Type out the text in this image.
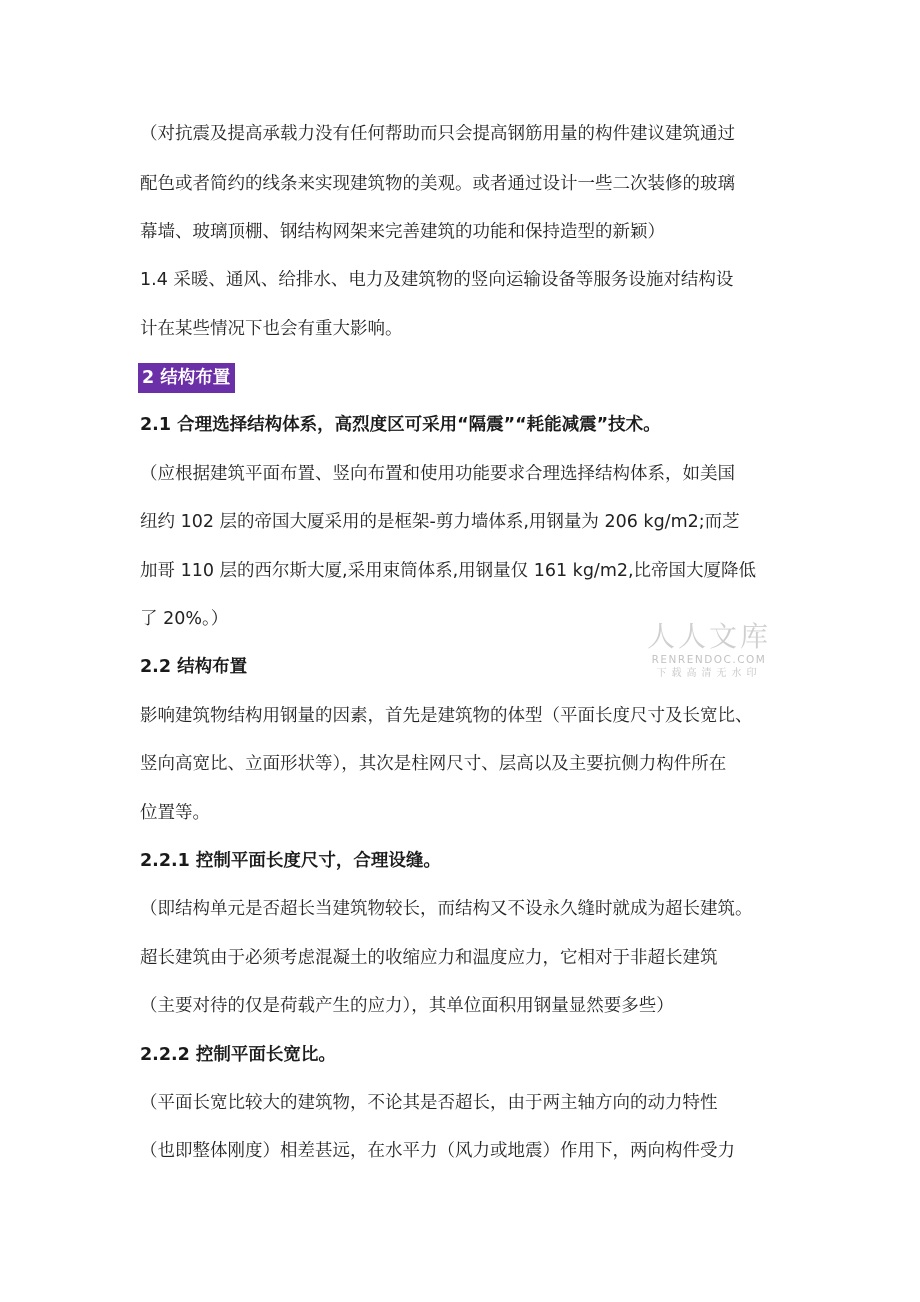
（对抗震及提高承载力没有任何帮助而只会提高钢筋用量的构件建议建筑通过
配色或者简约的线条来实现建筑物的美观。或者通过设计一些二次装修的玻璃
幕墙、玻璃顶棚、钢结构网架来完善建筑的功能和保持造型的新颖）
1.4 采暖、通风、给排水、电力及建筑物的竖向运输设备等服务设施对结构设
计在某些情况下也会有重大影响。
2 结构布置
2.1 合理选择结构体系，高烈度区可采用“隔震”“耗能减震”技术。
（应根据建筑平面布置、竖向布置和使用功能要求合理选择结构体系，如美国
纽约 102 层的帝国大厦采用的是框架-剪力墙体系,用钢量为 206 kg/m2;而芝
加哥 110 层的西尔斯大厦,采用束筒体系,用钢量仅 161 kg/m2,比帝国大厦降低
了 20%。）
2.2 结构布置
影响建筑物结构用钢量的因素，首先是建筑物的体型（平面长度尺寸及长宽比、
竖向高宽比、立面形状等），其次是柱网尺寸、层高以及主要抗侧力构件所在
位置等。
2.2.1 控制平面长度尺寸，合理设缝。
（即结构单元是否超长当建筑物较长，而结构又不设永久缝时就成为超长建筑。
超长建筑由于必须考虑混凝土的收缩应力和温度应力，它相对于非超长建筑
（主要对待的仅是荷载产生的应力），其单位面积用钢量显然要多些）
2.2.2 控制平面长宽比。
（平面长宽比较大的建筑物，不论其是否超长，由于两主轴方向的动力特性
（也即整体刚度）相差甚远，在水平力（风力或地震）作用下，两向构件受力
人人文库
RENRENDOC.COM
下载高清无水印
